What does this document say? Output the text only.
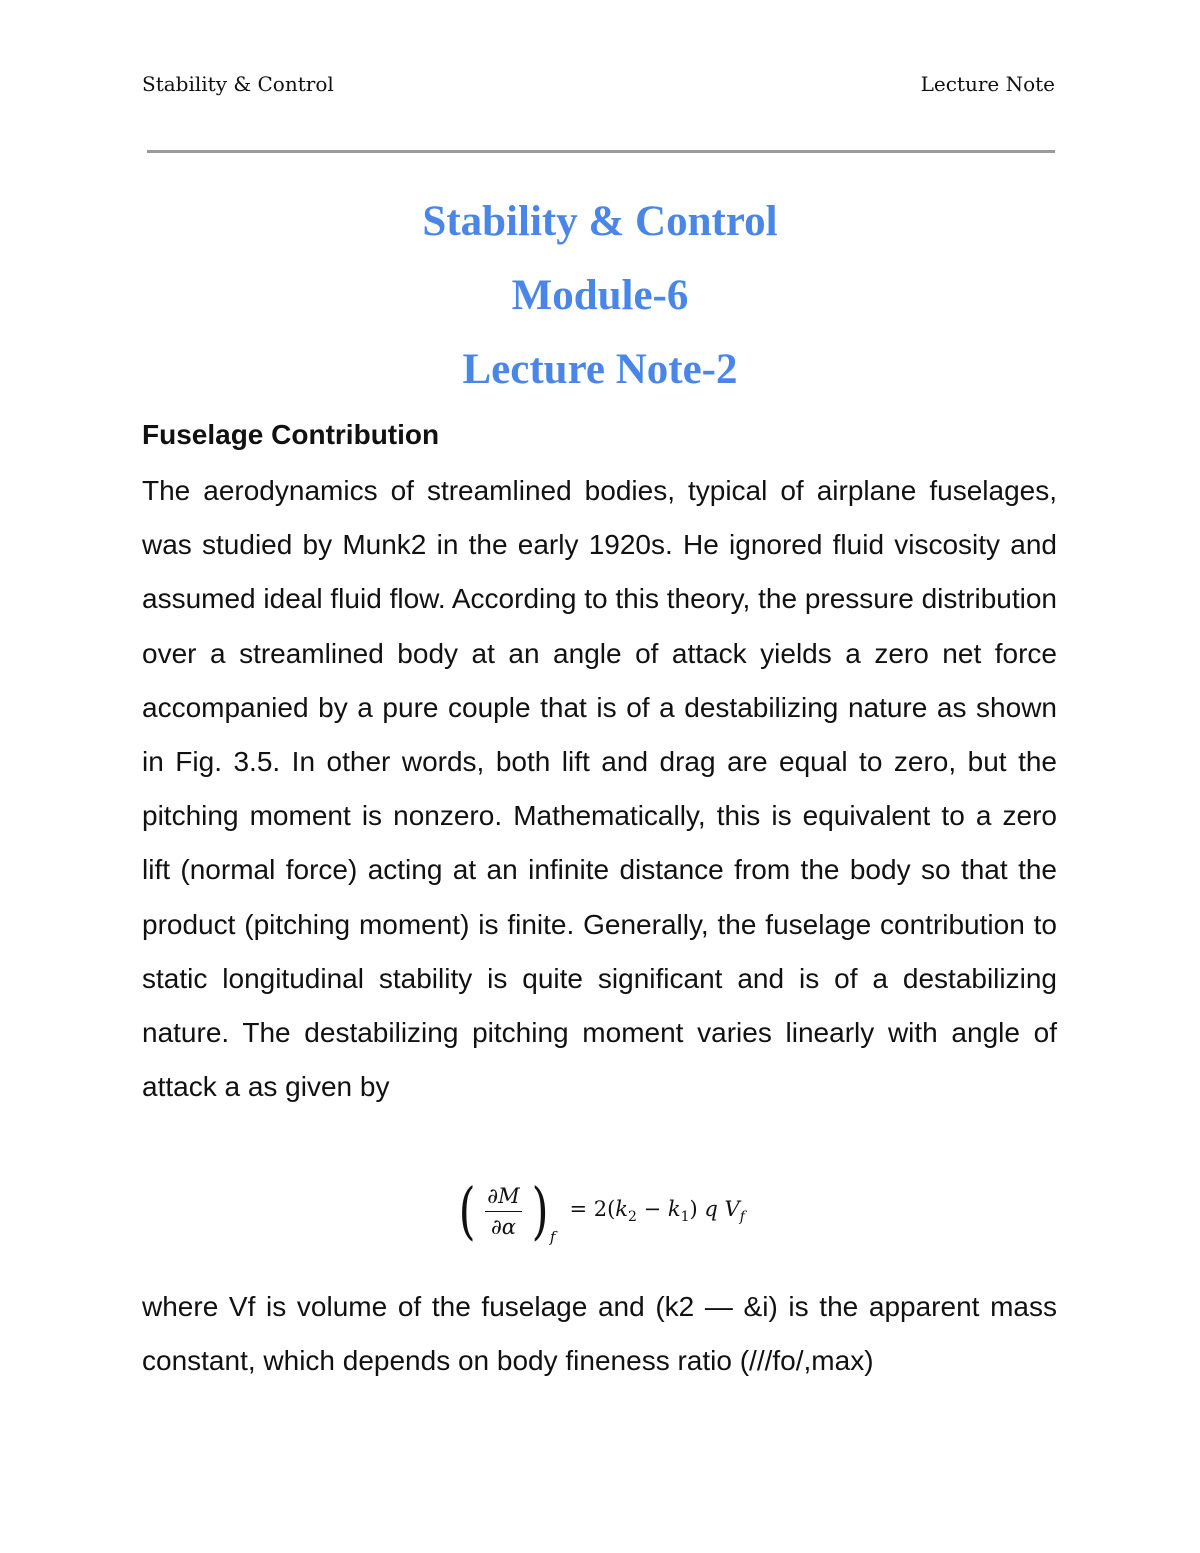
Stability & Control	Lecture Note
Stability & Control
Module-6
Lecture Note-2
Fuselage Contribution

The aerodynamics of streamlined bodies, typical of airplane fuselages, was studied by Munk2 in the early 1920s. He ignored fluid viscosity and assumed ideal fluid flow. According to this theory, the pressure distribution over a streamlined body at an angle of attack yields a zero net force accompanied by a pure couple that is of a destabilizing nature as shown in Fig. 3.5. In other words, both lift and drag are equal to zero, but the pitching moment is nonzero. Mathematically, this is equivalent to a zero lift (normal force) acting at an infinite distance from the body so that the product (pitching moment) is finite. Generally, the fuselage contribution to static longitudinal stability is quite significant and is of a destabilizing nature. The destabilizing pitching moment varies linearly with angle of attack a as given by

( $\frac{\partial M}{\partial\alpha}$ ) f
= $2(k_2 - k_1)$ q $V_f$

where Vf is volume of the fuselage and (k2 — &i) is the apparent mass constant, which depends on body fineness ratio (///fo/,max)
